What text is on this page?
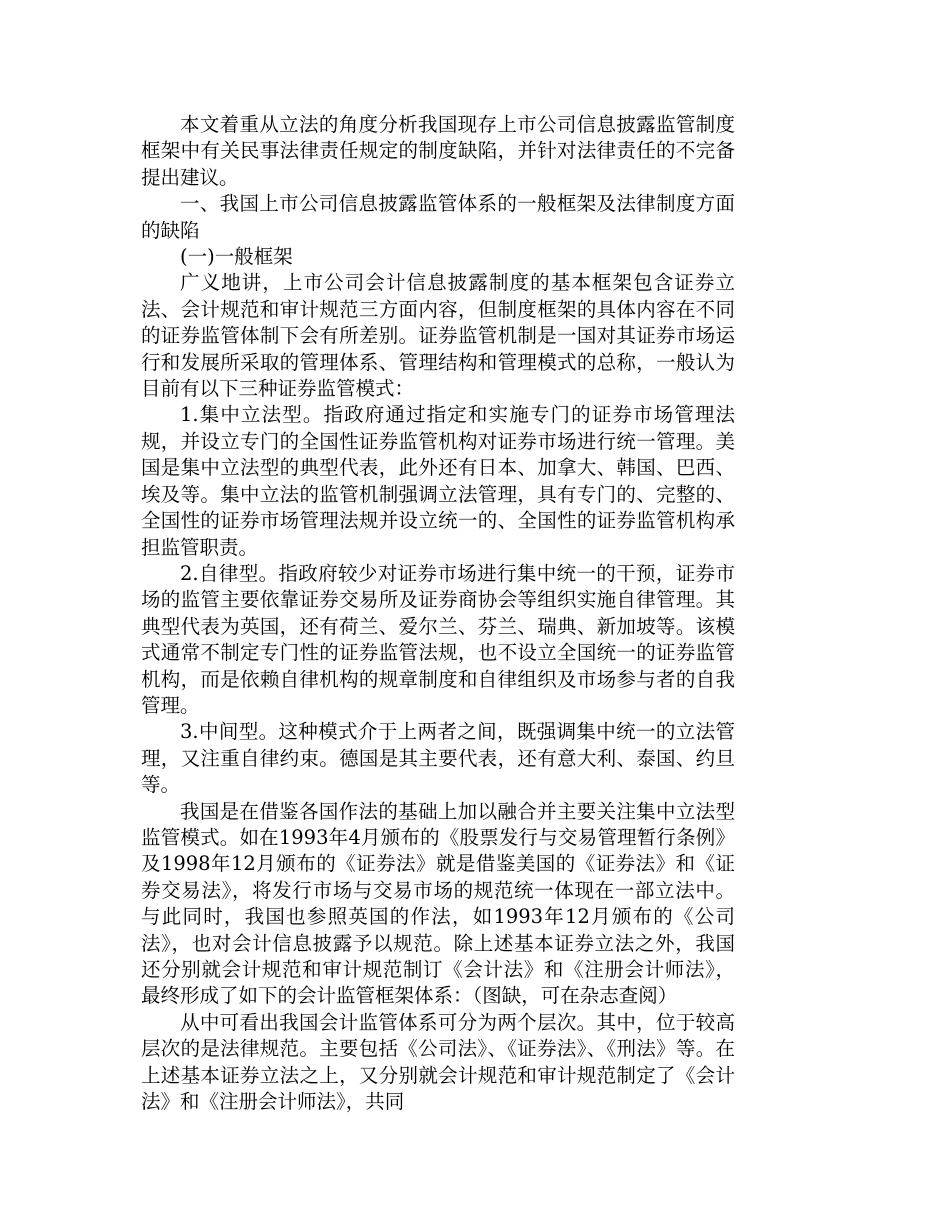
本文着重从立法的角度分析我国现存上市公司信息披露监管制度框架中有关民事法律责任规定的制度缺陷，并针对法律责任的不完备提出建议。

一、我国上市公司信息披露监管体系的一般框架及法律制度方面的缺陷

(一)一般框架

广义地讲，上市公司会计信息披露制度的基本框架包含证券立法、会计规范和审计规范三方面内容，但制度框架的具体内容在不同的证券监管体制下会有所差别。证券监管机制是一国对其证券市场运行和发展所采取的管理体系、管理结构和管理模式的总称，一般认为目前有以下三种证券监管模式：

1.集中立法型。指政府通过指定和实施专门的证券市场管理法规，并设立专门的全国性证券监管机构对证券市场进行统一管理。美国是集中立法型的典型代表，此外还有日本、加拿大、韩国、巴西、埃及等。集中立法的监管机制强调立法管理，具有专门的、完整的、全国性的证券市场管理法规并设立统一的、全国性的证券监管机构承担监管职责。

2.自律型。指政府较少对证券市场进行集中统一的干预，证券市场的监管主要依靠证券交易所及证券商协会等组织实施自律管理。其典型代表为英国，还有荷兰、爱尔兰、芬兰、瑞典、新加坡等。该模式通常不制定专门性的证券监管法规，也不设立全国统一的证券监管机构，而是依赖自律机构的规章制度和自律组织及市场参与者的自我管理。

3.中间型。这种模式介于上两者之间，既强调集中统一的立法管理，又注重自律约束。德国是其主要代表，还有意大利、泰国、约旦等。

我国是在借鉴各国作法的基础上加以融合并主要关注集中立法型监管模式。如在1993年4月颁布的《股票发行与交易管理暂行条例》及1998年12月颁布的《证券法》就是借鉴美国的《证券法》和《证券交易法》，将发行市场与交易市场的规范统一体现在一部立法中。与此同时，我国也参照英国的作法，如1993年12月颁布的《公司法》，也对会计信息披露予以规范。除上述基本证券立法之外，我国还分别就会计规范和审计规范制订《会计法》和《注册会计师法》，最终形成了如下的会计监管框架体系：（图缺，可在杂志查阅）

从中可看出我国会计监管体系可分为两个层次。其中，位于较高层次的是法律规范。主要包括《公司法》、《证券法》、《刑法》等。在上述基本证券立法之上，又分别就会计规范和审计规范制定了《会计法》和《注册会计师法》，共同
